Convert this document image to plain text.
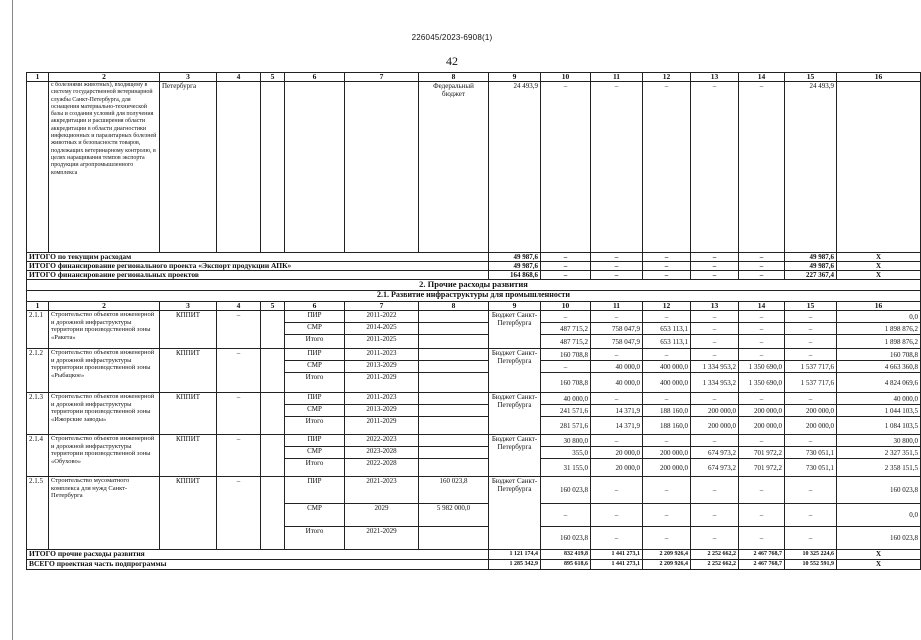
226045/2023-6908(1)
42
1	2	3	4	5	6	7	8	9	10	11	12	13	14	15	16	
	с болезнями животных), входящему в систему государственной ветеринарной службы Санкт-Петербурга, для оснащения материально-технической базы и создания условий для получения аккредитации и расширения области аккредитации в области диагностики инфекционных и паразитарных болезней животных и безопасности товаров, подлежащих ветеринарному контролю, в целях наращивания темпов экспорта продукции агропромышленного комплекса	Петербурга					Федеральный бюджет	24 493,9	–	–	–	–	–	24 493,9		
ИТОГО по текущим расходам								49 987,6	–	–	–	–	–	49 987,6	Х	
ИТОГО финансирование регионального проекта «Экспорт продукции АПК»								49 987,6	–	–	–	–	–	49 987,6	Х	
ИТОГО финансирование региональных проектов								164 868,6	–	–	–	–	–	227 367,4	Х	
2. Прочие расходы развития																
2.1. Развитие инфраструктуры для промышленности																
1	2	3	4	5	6	7	8	9	10	11	12	13	14	15	16	
2.1.1	Строительство объектов инженерной и дорожной инфраструктуры территории производственной зоны «Ракета»	КППИТ	–		ПИР	2011-2022		Бюджет Санкт-Петербурга	–	–	–	–	–	–	0,0	
					СМР	2014-2025			487 715,2	758 047,9	653 113,1	–	–	–	1 898 876,2	
					Итого	2011-2025			487 715,2	758 047,9	653 113,1	–	–	–	1 898 876,2	
2.1.2	Строительство объектов инженерной и дорожной инфраструктуры территории производственной зоны «Рыбацкое»	КППИТ	–		ПИР	2011-2023		Бюджет Санкт-Петербурга	160 708,8	–	–	–	–	–	160 708,8	
					СМР	2013-2029			–	40 000,0	400 000,0	1 334 953,2	1 350 690,0	1 537 717,6	4 663 360,8	
					Итого	2011-2029			160 708,8	40 000,0	400 000,0	1 334 953,2	1 350 690,0	1 537 717,6	4 824 069,6	
2.1.3	Строительство объектов инженерной и дорожной инфраструктуры территории производственной зоны «Ижорские заводы»	КППИТ	–		ПИР	2011-2023		Бюджет Санкт-Петербурга	40 000,0	–	–	–	–	–	40 000,0	
					СМР	2013-2029			241 571,6	14 371,9	188 160,0	200 000,0	200 000,0	200 000,0	1 044 103,5	
					Итого	2011-2029			281 571,6	14 371,9	188 160,0	200 000,0	200 000,0	200 000,0	1 084 103,5	
2.1.4	Строительство объектов инженерной и дорожной инфраструктуры территории производственной зоны «Обухово»	КППИТ	–		ПИР	2022-2023		Бюджет Санкт-Петербурга	30 800,0	–	–	–	–	–	30 800,0	
					СМР	2023-2028			355,0	20 000,0	200 000,0	674 973,2	701 972,2	730 051,1	2 327 351,5	
					Итого	2022-2028			31 155,0	20 000,0	200 000,0	674 973,2	701 972,2	730 051,1	2 358 151,5	
2.1.5	Строительство мусоматного комплекса для нужд Санкт-Петербурга	КППИТ	–		ПИР	2021-2023	160 023,8	Бюджет Санкт-Петербурга	160 023,8	–	–	–	–	–	160 023,8	
					СМР	2029	5 982 000,0		–	–	–	–	–	–	0,0	
					Итого	2021-2029			160 023,8	–	–	–	–	–	160 023,8	
ИТОГО прочие расходы развития								1 121 174,4	832 419,8	1 441 273,1	2 209 926,4	2 252 662,2	2 467 768,7	10 325 224,6	Х	
ВСЕГО проектная часть подпрограммы								1 285 342,9	895 618,6	1 441 273,1	2 209 926,4	2 252 662,2	2 467 768,7	10 552 591,9	Х	
